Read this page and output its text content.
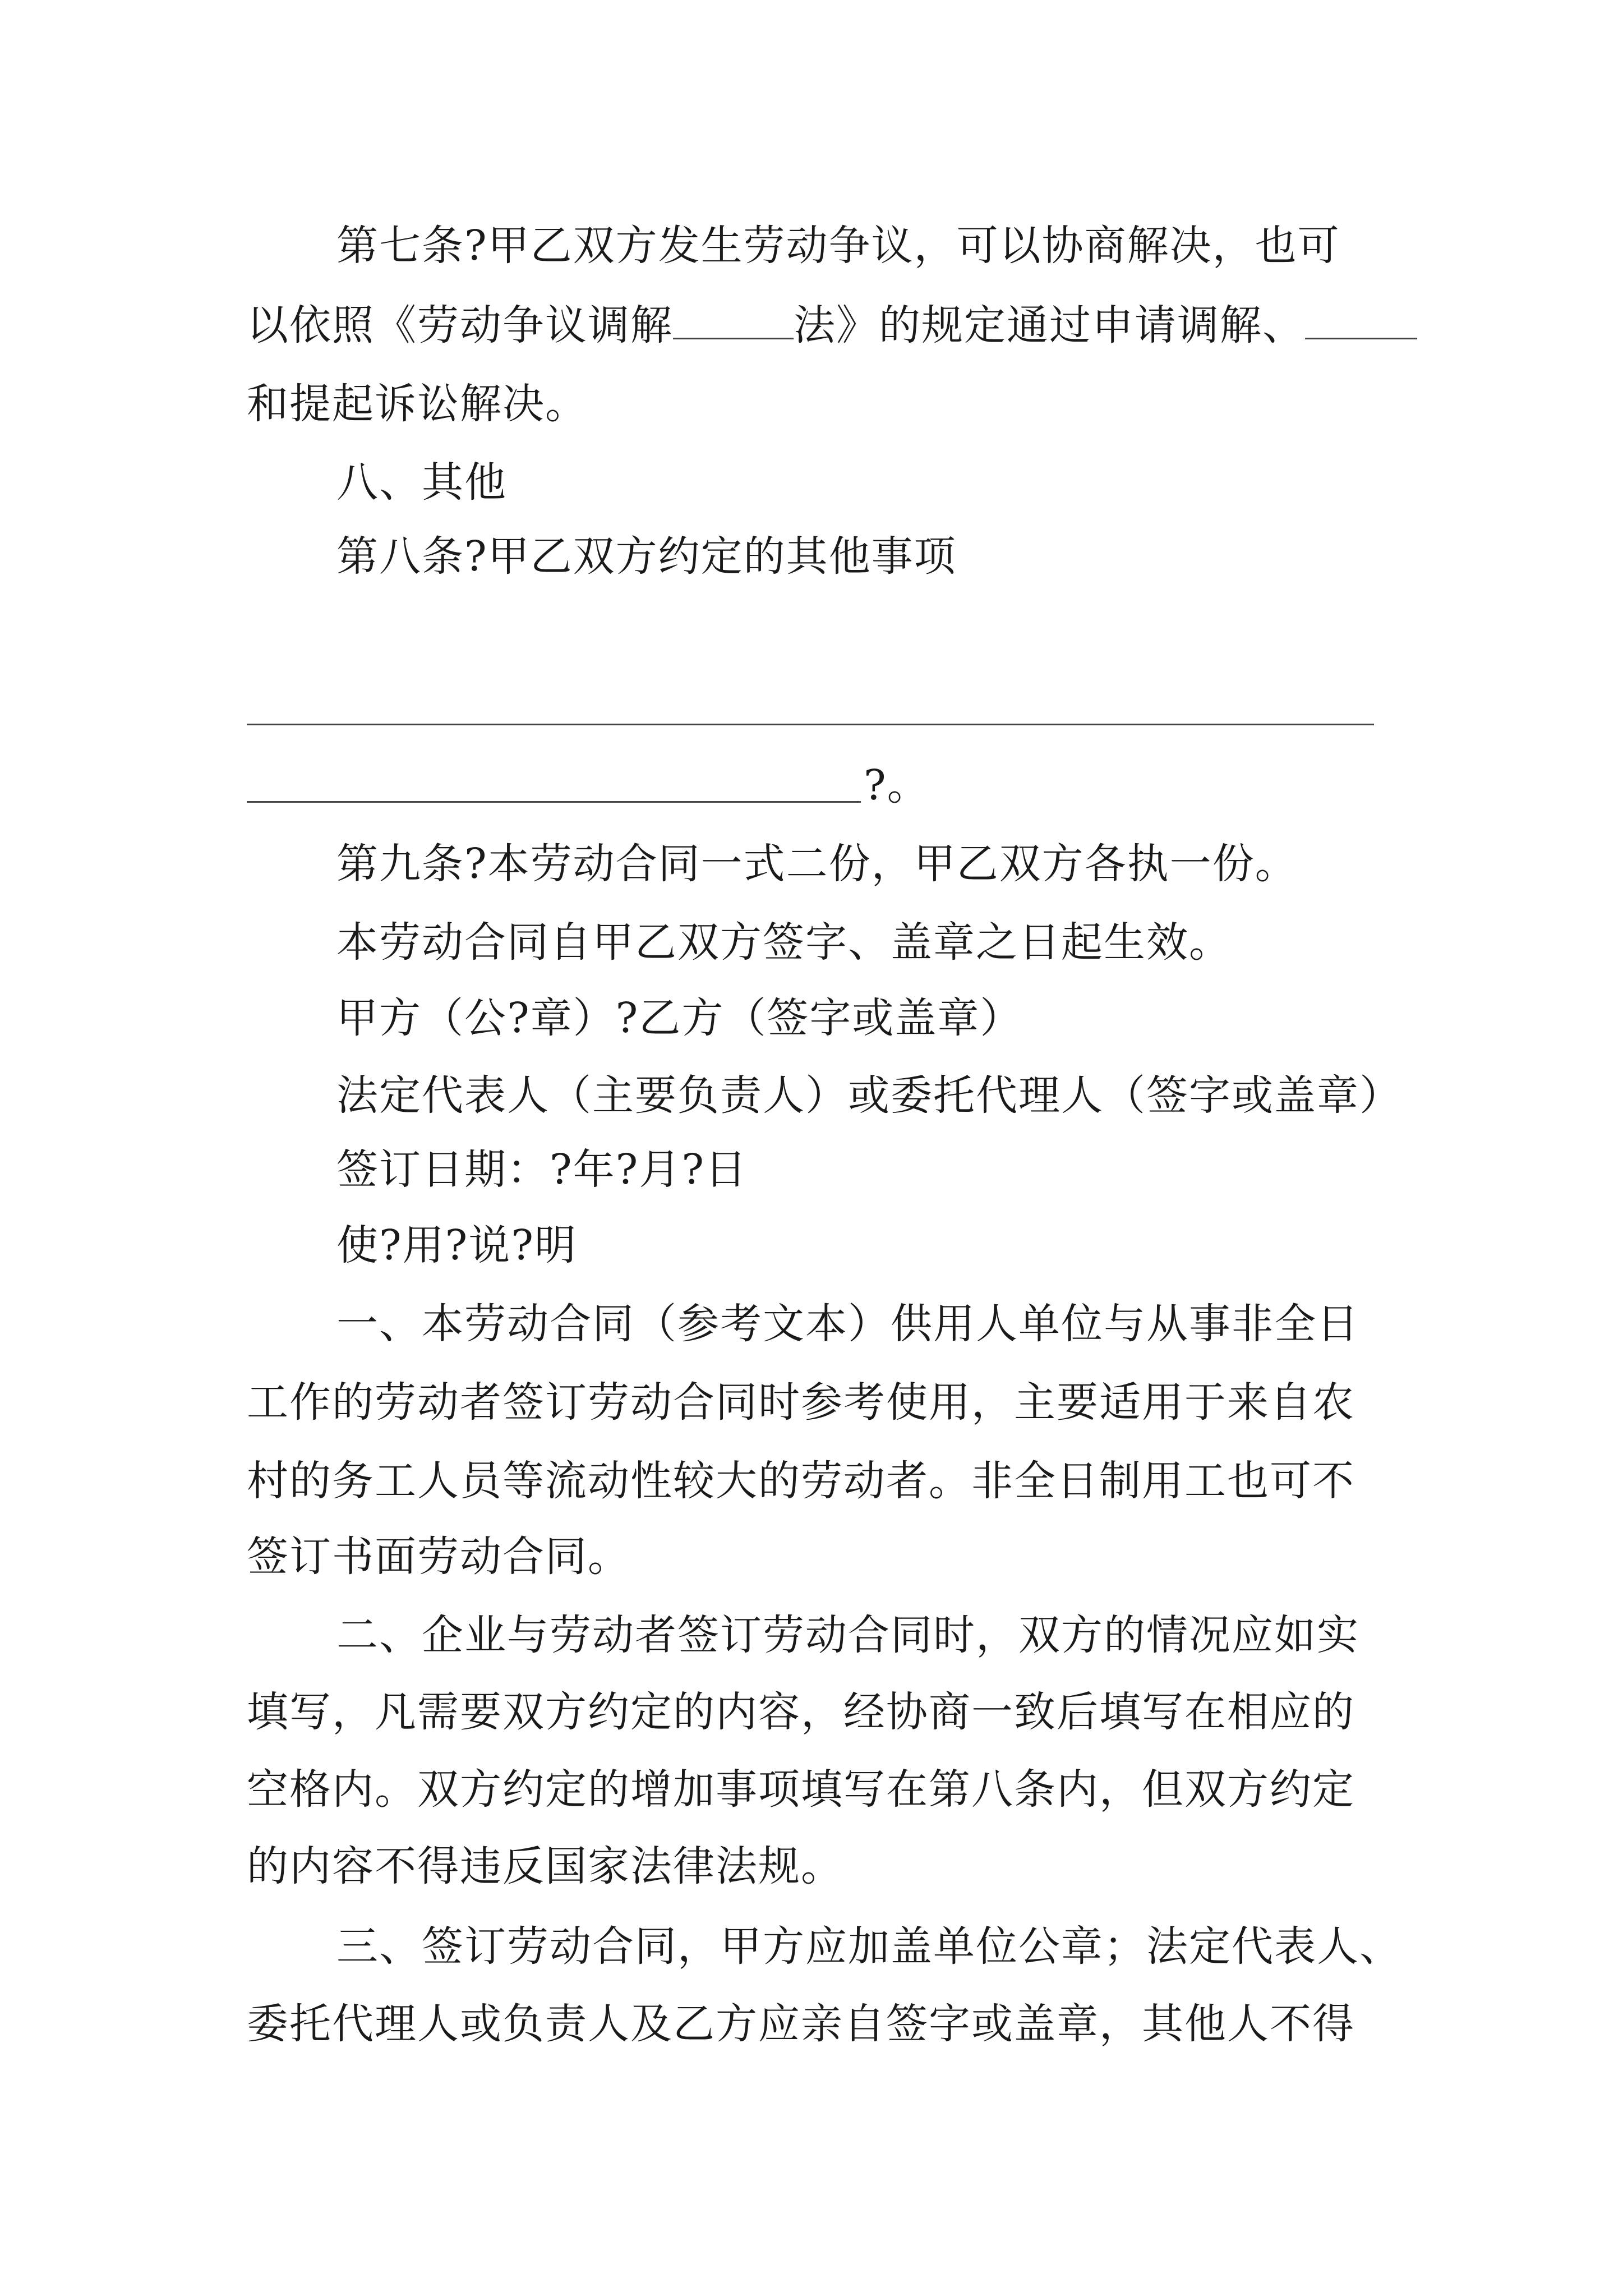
第七条?甲乙双方发生劳动争议，可以协商解决，也可
以依照《劳动争议调解	法》的规定通过申请调解、
和提起诉讼解决。
八、其他
第八条?甲乙双方约定的其他事项
?。
第九条?本劳动合同一式二份，甲乙双方各执一份。
本劳动合同自甲乙双方签字、盖章之日起生效。
甲方（公?章）?乙方（签字或盖章）
法定代表人（主要负责人）或委托代理人（签字或盖章）
签订日期：?年?月?日
使?用?说?明
一、本劳动合同（参考文本）供用人单位与从事非全日
工作的劳动者签订劳动合同时参考使用，主要适用于来自农
村的务工人员等流动性较大的劳动者。非全日制用工也可不
签订书面劳动合同。
二、企业与劳动者签订劳动合同时，双方的情况应如实
填写，凡需要双方约定的内容，经协商一致后填写在相应的
空格内。双方约定的增加事项填写在第八条内，但双方约定
的内容不得违反国家法律法规。
三、签订劳动合同，甲方应加盖单位公章；法定代表人、
委托代理人或负责人及乙方应亲自签字或盖章，其他人不得
